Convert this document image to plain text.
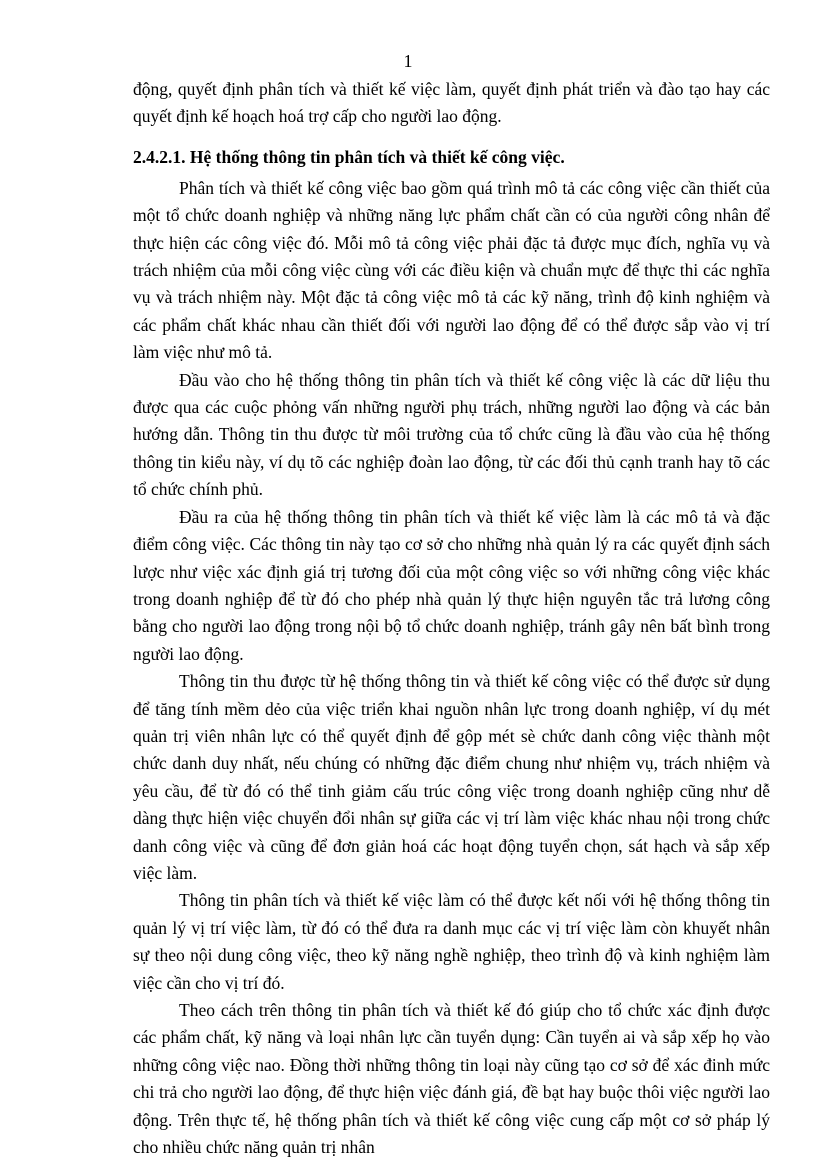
1

động, quyết định phân tích và thiết kế việc làm, quyết định phát triển và đào tạo hay các quyết định kế hoạch hoá trợ cấp cho người lao động.

2.4.2.1. Hệ thống thông tin phân tích và thiết kế công việc.

Phân tích và thiết kế công việc bao gồm quá trình mô tả các công việc cần thiết của một tổ chức doanh nghiệp và những năng lực phẩm chất cần có của người công nhân để thực hiện các công việc đó. Mỗi mô tả công việc phải đặc tả được mục đích, nghĩa vụ và trách nhiệm của mỗi công việc cùng với các điều kiện và chuẩn mực để thực thi các nghĩa vụ và trách nhiệm này. Một đặc tả công việc mô tả các kỹ năng, trình độ kinh nghiệm và các phẩm chất khác nhau cần thiết đối với người lao động để có thể được sắp vào vị trí làm việc như mô tả.

Đầu vào cho hệ thống thông tin phân tích và thiết kế công việc là các dữ liệu thu được qua các cuộc phỏng vấn những người phụ trách, những người lao động và các bản hướng dẫn. Thông tin thu được từ môi trường của tổ chức cũng là đầu vào của hệ thống thông tin kiểu này, ví dụ tõ các nghiệp đoàn lao động, từ các đối thủ cạnh tranh hay tõ các tổ chức chính phủ.

Đầu ra của hệ thống thông tin phân tích và thiết kế việc làm là các mô tả và đặc điểm công việc. Các thông tin này tạo cơ sở cho những nhà quản lý ra các quyết định sách lược như việc xác định giá trị tương đối của một công việc so với những công việc khác trong doanh nghiệp để từ đó cho phép nhà quản lý thực hiện nguyên tắc trả lương công bằng cho người lao động trong nội bộ tổ chức doanh nghiệp, tránh gây nên bất bình trong người lao động.

Thông tin thu được từ hệ thống thông tin và thiết kế công việc có thể được sử dụng để tăng tính mềm dẻo của việc triển khai nguồn nhân lực trong doanh nghiệp, ví dụ mét quản trị viên nhân lực có thể quyết định để gộp mét sè chức danh công việc thành một chức danh duy nhất, nếu chúng có những đặc điểm chung như nhiệm vụ, trách nhiệm và yêu cầu, để từ đó có thể tinh giảm cấu trúc công việc trong doanh nghiệp cũng như dễ dàng thực hiện việc chuyển đổi nhân sự giữa các vị trí làm việc khác nhau nội trong chức danh công việc và cũng để đơn giản hoá các hoạt động tuyển chọn, sát hạch và sắp xếp việc làm.

Thông tin phân tích và thiết kế việc làm có thể được kết nối với hệ thống thông tin quản lý vị trí việc làm, từ đó có thể đưa ra danh mục các vị trí việc làm còn khuyết nhân sự theo nội dung công việc, theo kỹ năng nghề nghiệp, theo trình độ và kinh nghiệm làm việc cần cho vị trí đó.

Theo cách trên thông tin phân tích và thiết kế đó giúp cho tổ chức xác định được các phẩm chất, kỹ năng và loại nhân lực cần tuyển dụng: Cần tuyển ai và sắp xếp họ vào những công việc nao. Đồng thời những thông tin loại này cũng tạo cơ sở để xác đinh mức chi trả cho người lao động, để thực hiện việc đánh giá, đề bạt hay buộc thôi việc người lao động. Trên thực tế, hệ thống phân tích và thiết kế công việc cung cấp một cơ sở pháp lý cho nhiều chức năng quản trị nhân
